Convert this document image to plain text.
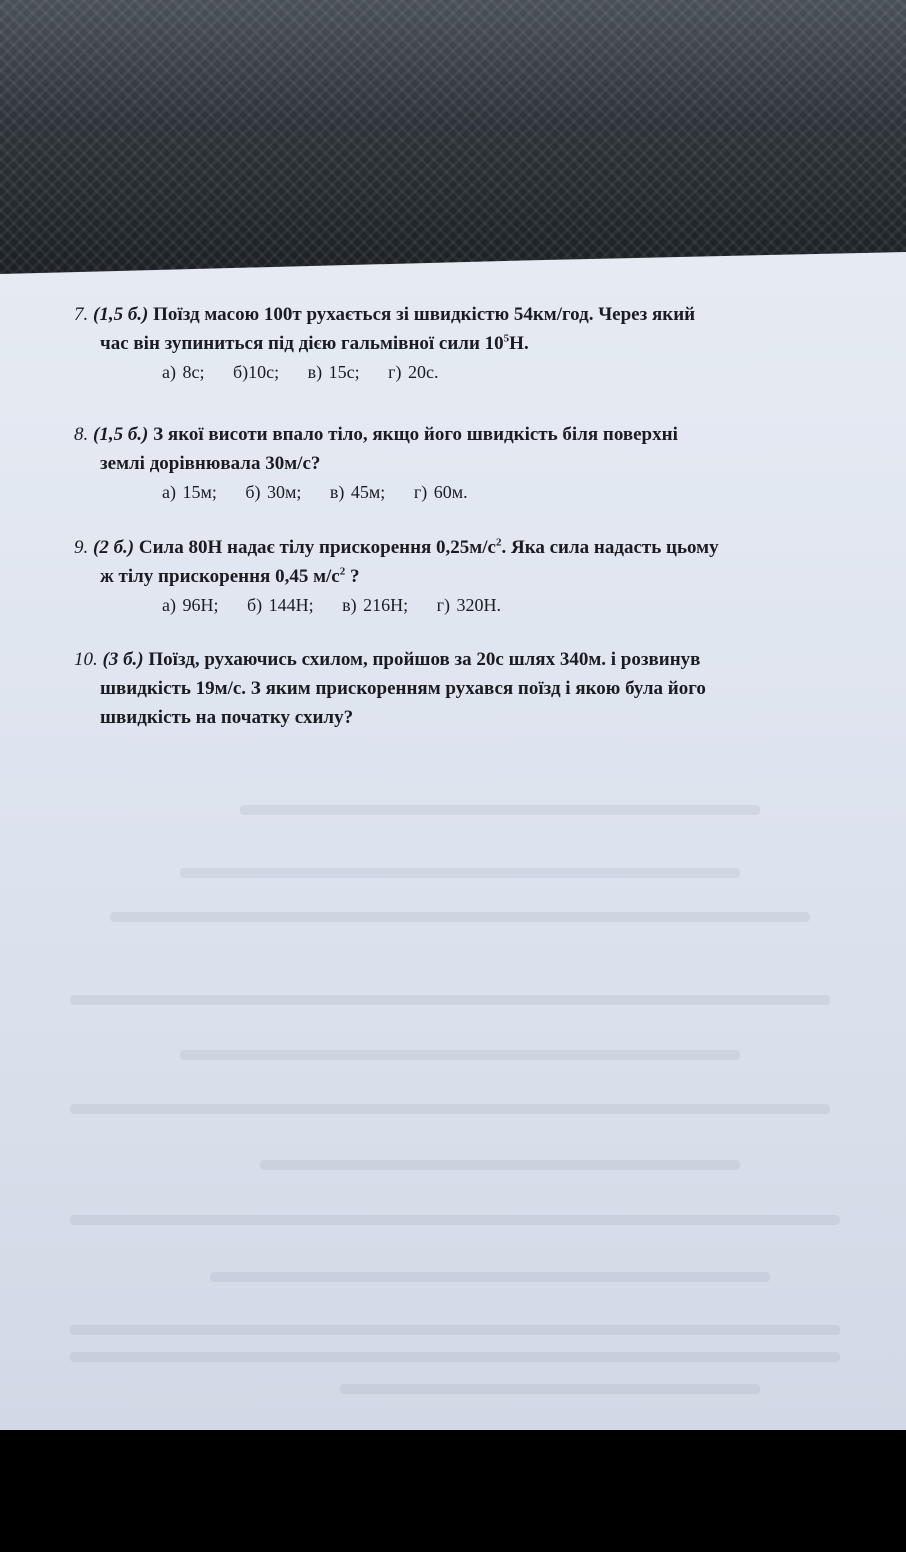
7. (1,5 б.) Поїзд масою 100т рухається зі швидкістю 54км/год. Через який
час він зупиниться під дією гальмівної сили $10^5Н$.
а) 8с; б)10с; в) 15с; г) 20с.
8. (1,5 б.) З якої висоти впало тіло, якщо його швидкість біля поверхні
землі дорівнювала 30м/с?
а) 15м; б) 30м; в) 45м; г) 60м.
9. (2 б.) Сила 80Н надає тілу прискорення $0,25м/с^2$. Яка сила надасть цьому
ж тілу прискорення 0,45 $м/с^2$ ?
а) 96Н; б) 144Н; в) 216Н; г) 320Н.
10. (3 б.) Поїзд, рухаючись схилом, пройшов за 20с шлях 340м. і розвинув
швидкість 19м/с. З яким прискоренням рухався поїзд і якою була його
швидкість на початку схилу?
